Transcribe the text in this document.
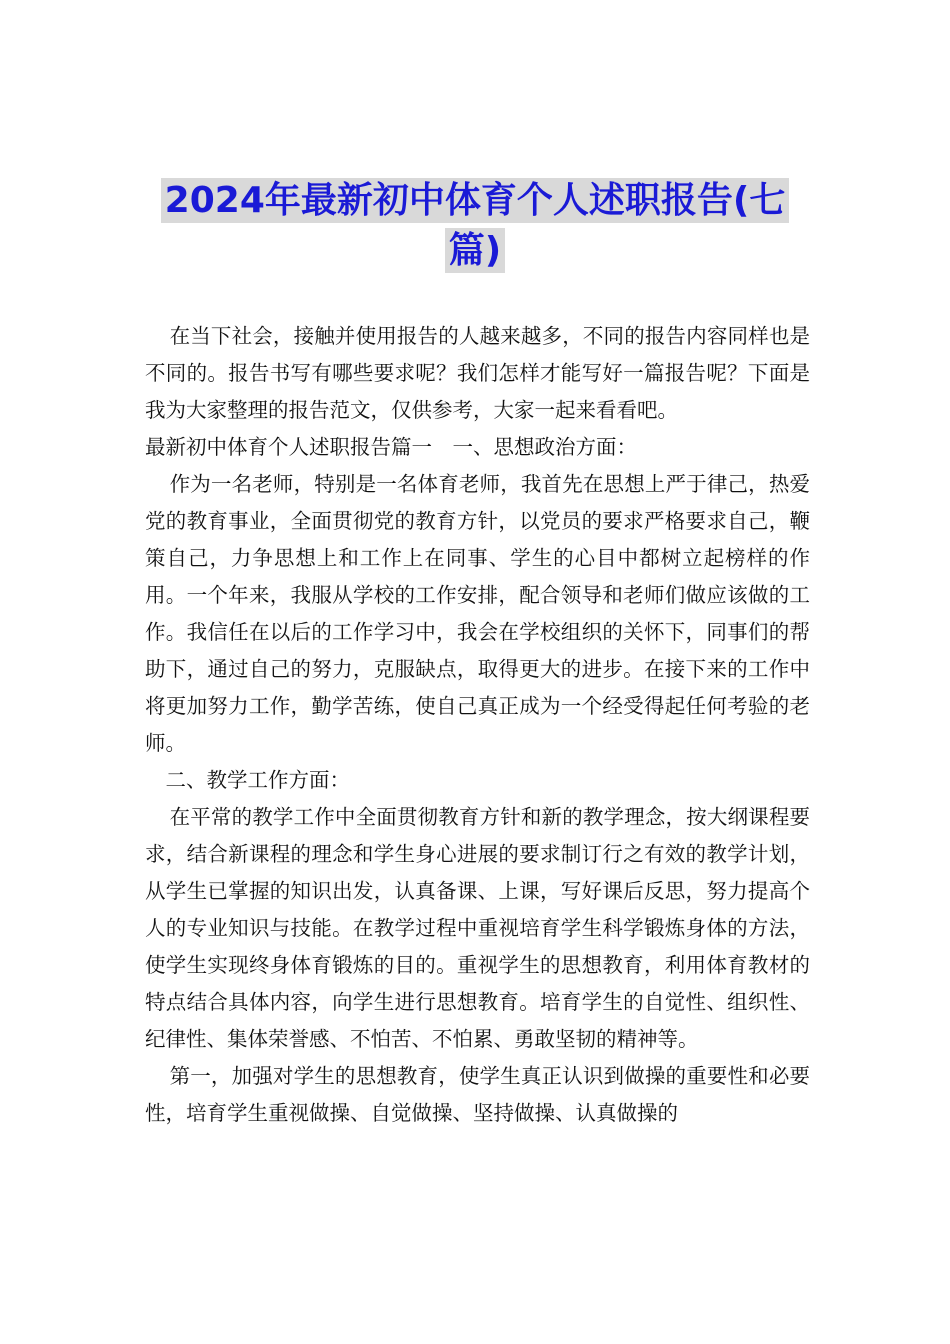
2024年最新初中体育个人述职报告(七
篇)

在当下社会，接触并使用报告的人越来越多，不同的报告内容同样也是不同的。报告书写有哪些要求呢？我们怎样才能写好一篇报告呢？下面是我为大家整理的报告范文，仅供参考，大家一起来看看吧。

最新初中体育个人述职报告篇一　一、思想政治方面：

作为一名老师，特别是一名体育老师，我首先在思想上严于律己，热爱党的教育事业，全面贯彻党的教育方针，以党员的要求严格要求自己，鞭策自己，力争思想上和工作上在同事、学生的心目中都树立起榜样的作用。一个年来，我服从学校的工作安排，配合领导和老师们做应该做的工作。我信任在以后的工作学习中，我会在学校组织的关怀下，同事们的帮助下，通过自己的努力，克服缺点，取得更大的进步。在接下来的工作中将更加努力工作，勤学苦练，使自己真正成为一个经受得起任何考验的老师。

二、教学工作方面：

在平常的教学工作中全面贯彻教育方针和新的教学理念，按大纲课程要求，结合新课程的理念和学生身心进展的要求制订行之有效的教学计划，从学生已掌握的知识出发，认真备课、上课，写好课后反思，努力提高个人的专业知识与技能。在教学过程中重视培育学生科学锻炼身体的方法，使学生实现终身体育锻炼的目的。重视学生的思想教育，利用体育教材的特点结合具体内容，向学生进行思想教育。培育学生的自觉性、组织性、纪律性、集体荣誉感、不怕苦、不怕累、勇敢坚韧的精神等。

第一，加强对学生的思想教育，使学生真正认识到做操的重要性和必要性，培育学生重视做操、自觉做操、坚持做操、认真做操的
